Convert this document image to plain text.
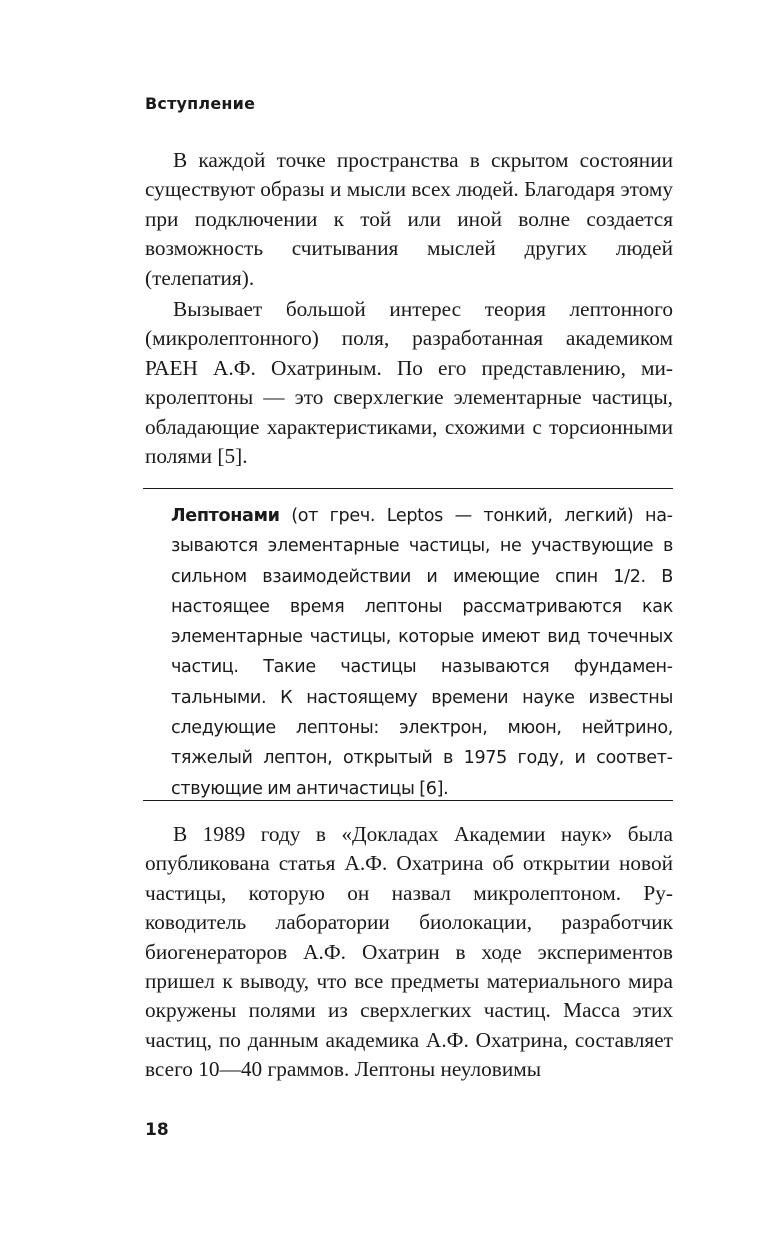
Вступление

В каждой точке пространства в скрытом состоянии существуют образы и мысли всех людей. Благодаря этому при подключении к той или иной волне создается возможность считывания мыслей других людей (телепатия).

Вызывает большой интерес теория лептонного (микролептонного) поля, разработанная академиком РАЕН А.Ф. Охатриным. По его представлению, микролептоны — это сверхлегкие элементарные частицы, обладающие характеристиками, схожими с торсионными полями [5].

Лептонами (от греч. Leptos — тонкий, легкий) называются элементарные частицы, не участвующие в сильном взаимодействии и имеющие спин 1/2. В настоящее время лептоны рассматриваются как элементарные частицы, которые имеют вид точечных частиц. Такие частицы называются фундаментальными. К настоящему времени науке известны следующие лептоны: электрон, мюон, нейтрино, тяжелый лептон, открытый в 1975 году, и соответствующие им античастицы [6].

В 1989 году в «Докладах Академии наук» была опубликована статья А.Ф. Охатрина об открытии новой частицы, которую он назвал микролептоном. Руководитель лаборатории биолокации, разработчик биогенераторов А.Ф. Охатрин в ходе экспериментов пришел к выводу, что все предметы материального мира окружены полями из сверхлегких частиц. Масса этих частиц, по данным академика А.Ф. Охатрина, составляет всего 10—40 граммов. Лептоны неуловимы

18
